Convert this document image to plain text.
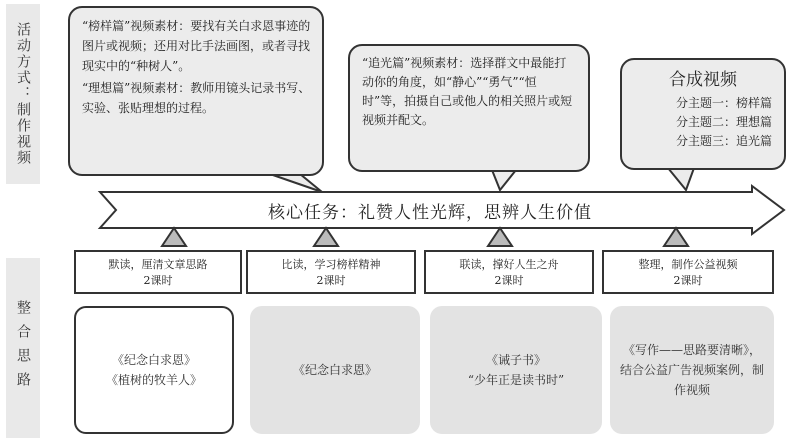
活动方式：制作视频
整合思路

“榜样篇”视频素材：要找有关白求恩事迹的图片或视频；还用对比手法画图，或者寻找现实中的“种树人”。

“理想篇”视频素材：教师用镜头记录书写、实验、张贴理想的过程。

“追光篇”视频素材：选择群文中最能打动你的角度，如“静心”“勇气”“恒时”等，拍摄自己或他人的相关照片或短视频并配文。

合成视频
分主题一：榜样篇
分主题二：理想篇
分主题三：追光篇
核心任务：礼赞人性光辉，思辨人生价值
默读，厘清文章思路
2课时
比读，学习榜样精神
2课时
联读，撑好人生之舟
2课时
整理，制作公益视频
2课时
《纪念白求恩》
《植树的牧羊人》
《纪念白求恩》
《诫子书》
“少年正是读书时”
《写作——思路要清晰》，结合公益广告视频案例，制作视频
